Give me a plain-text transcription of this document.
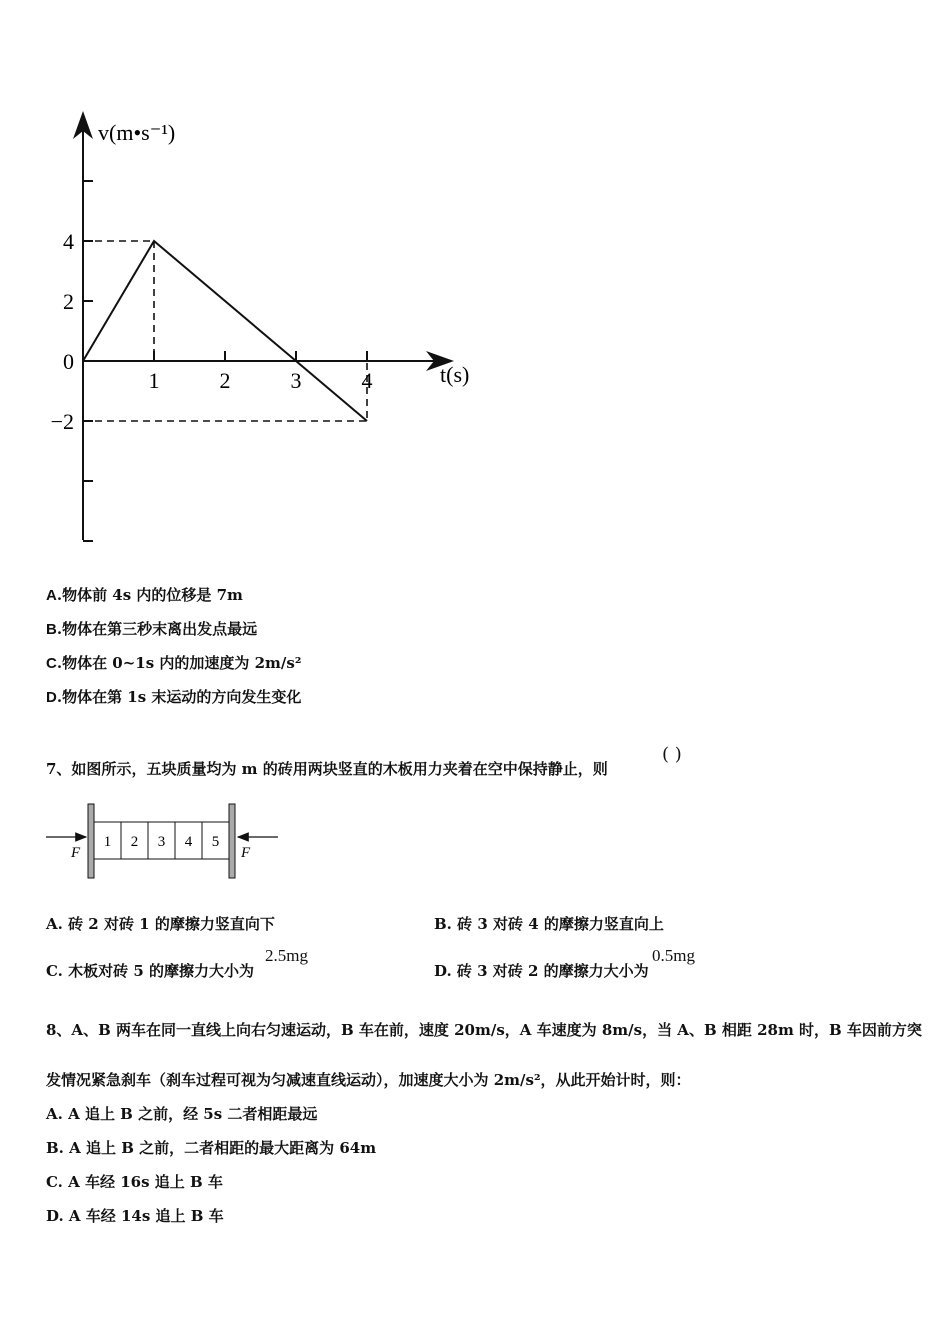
v(m•s⁻¹)
t(s)
1	2	3	4
4
2
0
−2
A.物体前 4s 内的位移是 7m
B.物体在第三秒末离出发点最远
C.物体在 0~1s 内的加速度为 2m/s²
D.物体在第 1s 末运动的方向发生变化
7、如图所示，五块质量均为 m 的砖用两块竖直的木板用力夹着在空中保持静止，则
( )
1 2 3 4 5
F	F
A. 砖 2 对砖 1 的摩擦力竖直向下	B. 砖 3 对砖 4 的摩擦力竖直向上
C. 木板对砖 5 的摩擦力大小为
2.5mg
D. 砖 3 对砖 2 的摩擦力大小为
0.5mg
8、A、B 两车在同一直线上向右匀速运动，B 车在前，速度 20m/s，A 车速度为 8m/s，当 A、B 相距 28m 时，B 车因前方突
发情况紧急刹车（刹车过程可视为匀减速直线运动），加速度大小为 2m/s²，从此开始计时，则：
A. A 追上 B 之前，经 5s 二者相距最远
B. A 追上 B 之前，二者相距的最大距离为 64m
C. A 车经 16s 追上 B 车
D. A 车经 14s 追上 B 车
